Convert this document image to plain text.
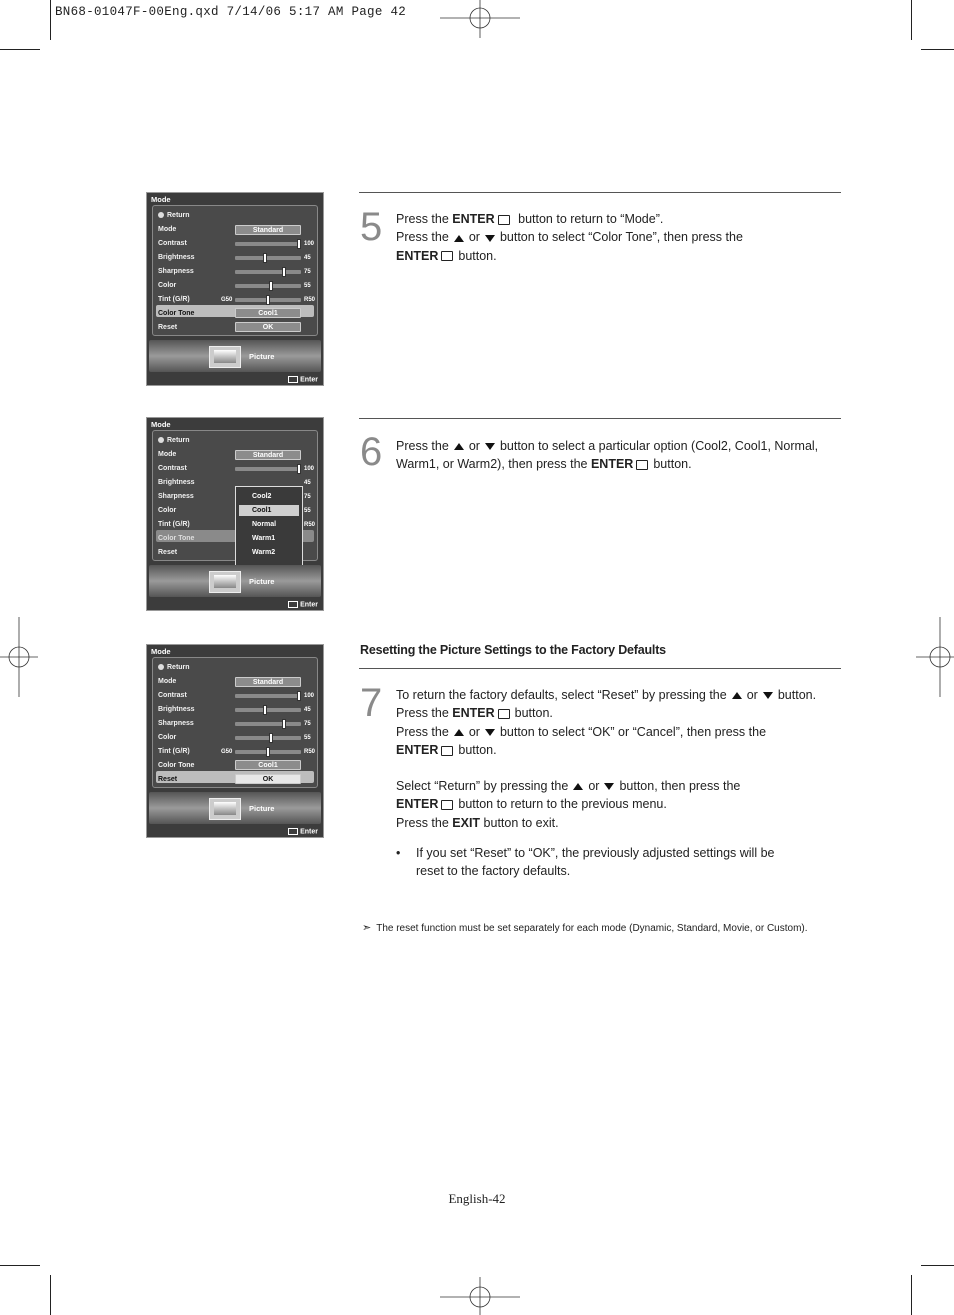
BN68-01047F-00Eng.qxd 7/14/06 5:17 AM Page 42
Mode
Return
Mode	Standard
Contrast	100
Brightness	45
Sharpness	75
Color	55
Tint (G/R)	G50	R50
Color Tone	Cool1
Reset	OK
Picture
Enter
Mode
Return
Mode	Standard
Contrast	100
Brightness	45
Sharpness	75
Color	55
Tint (G/R)	R50
Color Tone
Reset
Cool2
Cool1
Normal
Warm1
Warm2
Picture
Enter
Mode
Return
Mode	Standard
Contrast	100
Brightness	45
Sharpness	75
Color	55
Tint (G/R)	G50	R50
Color Tone	Cool1
Reset	OK
Picture
Enter
5 Press the ENTER button to return to “Mode”.
Press the or button to select “Color Tone”, then press the
ENTER button.
6 Press the or button to select a particular option (Cool2, Cool1, Normal,
Warm1, or Warm2), then press the ENTER button.
Resetting the Picture Settings to the Factory Defaults
7 To return the factory defaults, select “Reset” by pressing the or button.
Press the ENTER button.
Press the or button to select “OK” or “Cancel”, then press the
ENTER button.
Select “Return” by pressing the or button, then press the
ENTER button to return to the previous menu.
Press the EXIT button to exit.
• If you set “Reset” to “OK”, the previously adjusted settings will be
reset to the factory defaults.
➣ The reset function must be set separately for each mode (Dynamic, Standard, Movie, or Custom).
English-42
